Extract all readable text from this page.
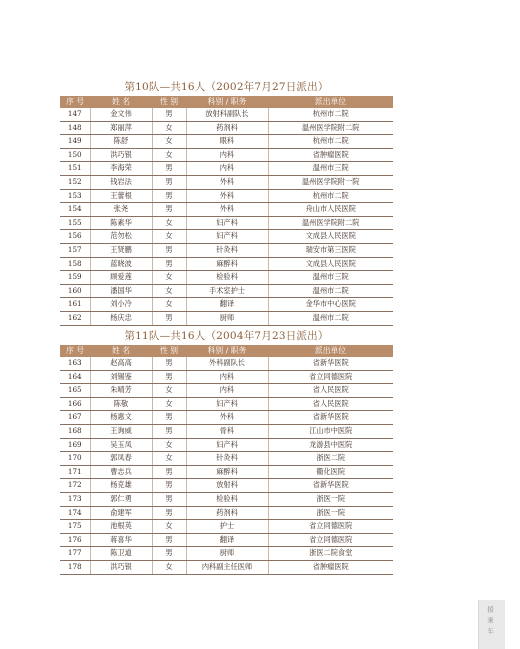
第10队—共16人（2002年7月27日派出）
序 号	姓 名	性 别	科别 / 职务	派出单位
147	金文伟	男	放射科副队长	杭州市二院
148	郑丽萍	女	药剂科	温州医学院附二院
149	陈舒	女	眼科	杭州市二院
150	洪巧银	女	内科	省肿瘤医院
151	李海荣	男	内科	温州市三院
152	钱岩法	男	外科	温州医学院附一院
153	王蕾根	男	外科	杭州市二院
154	张尧	男	外科	舟山市人民医院
155	陈素华	女	妇产科	温州医学院附二院
156	范勿松	女	妇产科	文成县人民医院
157	王贤鹏	男	针灸科	瑞安市第三医院
158	蓝晓波	男	麻醉科	文成县人民医院
159	顾爱莲	女	检验科	温州市三院
160	潘国华	女	手术室护士	温州市二院
161	刘小冷	女	翻译	金华市中心医院
162	杨庆忠	男	厨师	温州市二院
第11队—共16人（2004年7月23日派出）
序 号	姓 名	性 别	科别 / 职务	派出单位
163	赵高高	男	外科副队长	省新华医院
164	刘锡鉴	男	内科	省立同德医院
165	朱晴芳	女	内科	省人民医院
166	陈敬	女	妇产科	省人民医院
167	杨惠文	男	外科	省新华医院
168	王询威	男	骨科	江山市中医院
169	吴玉凤	女	妇产科	龙游县中医院
170	郭凤春	女	针灸科	浙医二院
171	曹志兵	男	麻醉科	衢化医院
172	杨克雄	男	放射科	省新华医院
173	郭仁勇	男	检验科	浙医一院
174	俞建军	男	药剂科	浙医一院
175	池根英	女	护士	省立同德医院
176	蒋喜华	男	翻译	省立同德医院
177	陈卫道	男	厨师	浙医二院食堂
178	洪巧银	女	内科副主任医师	省肿瘤医院
援 乘 车
